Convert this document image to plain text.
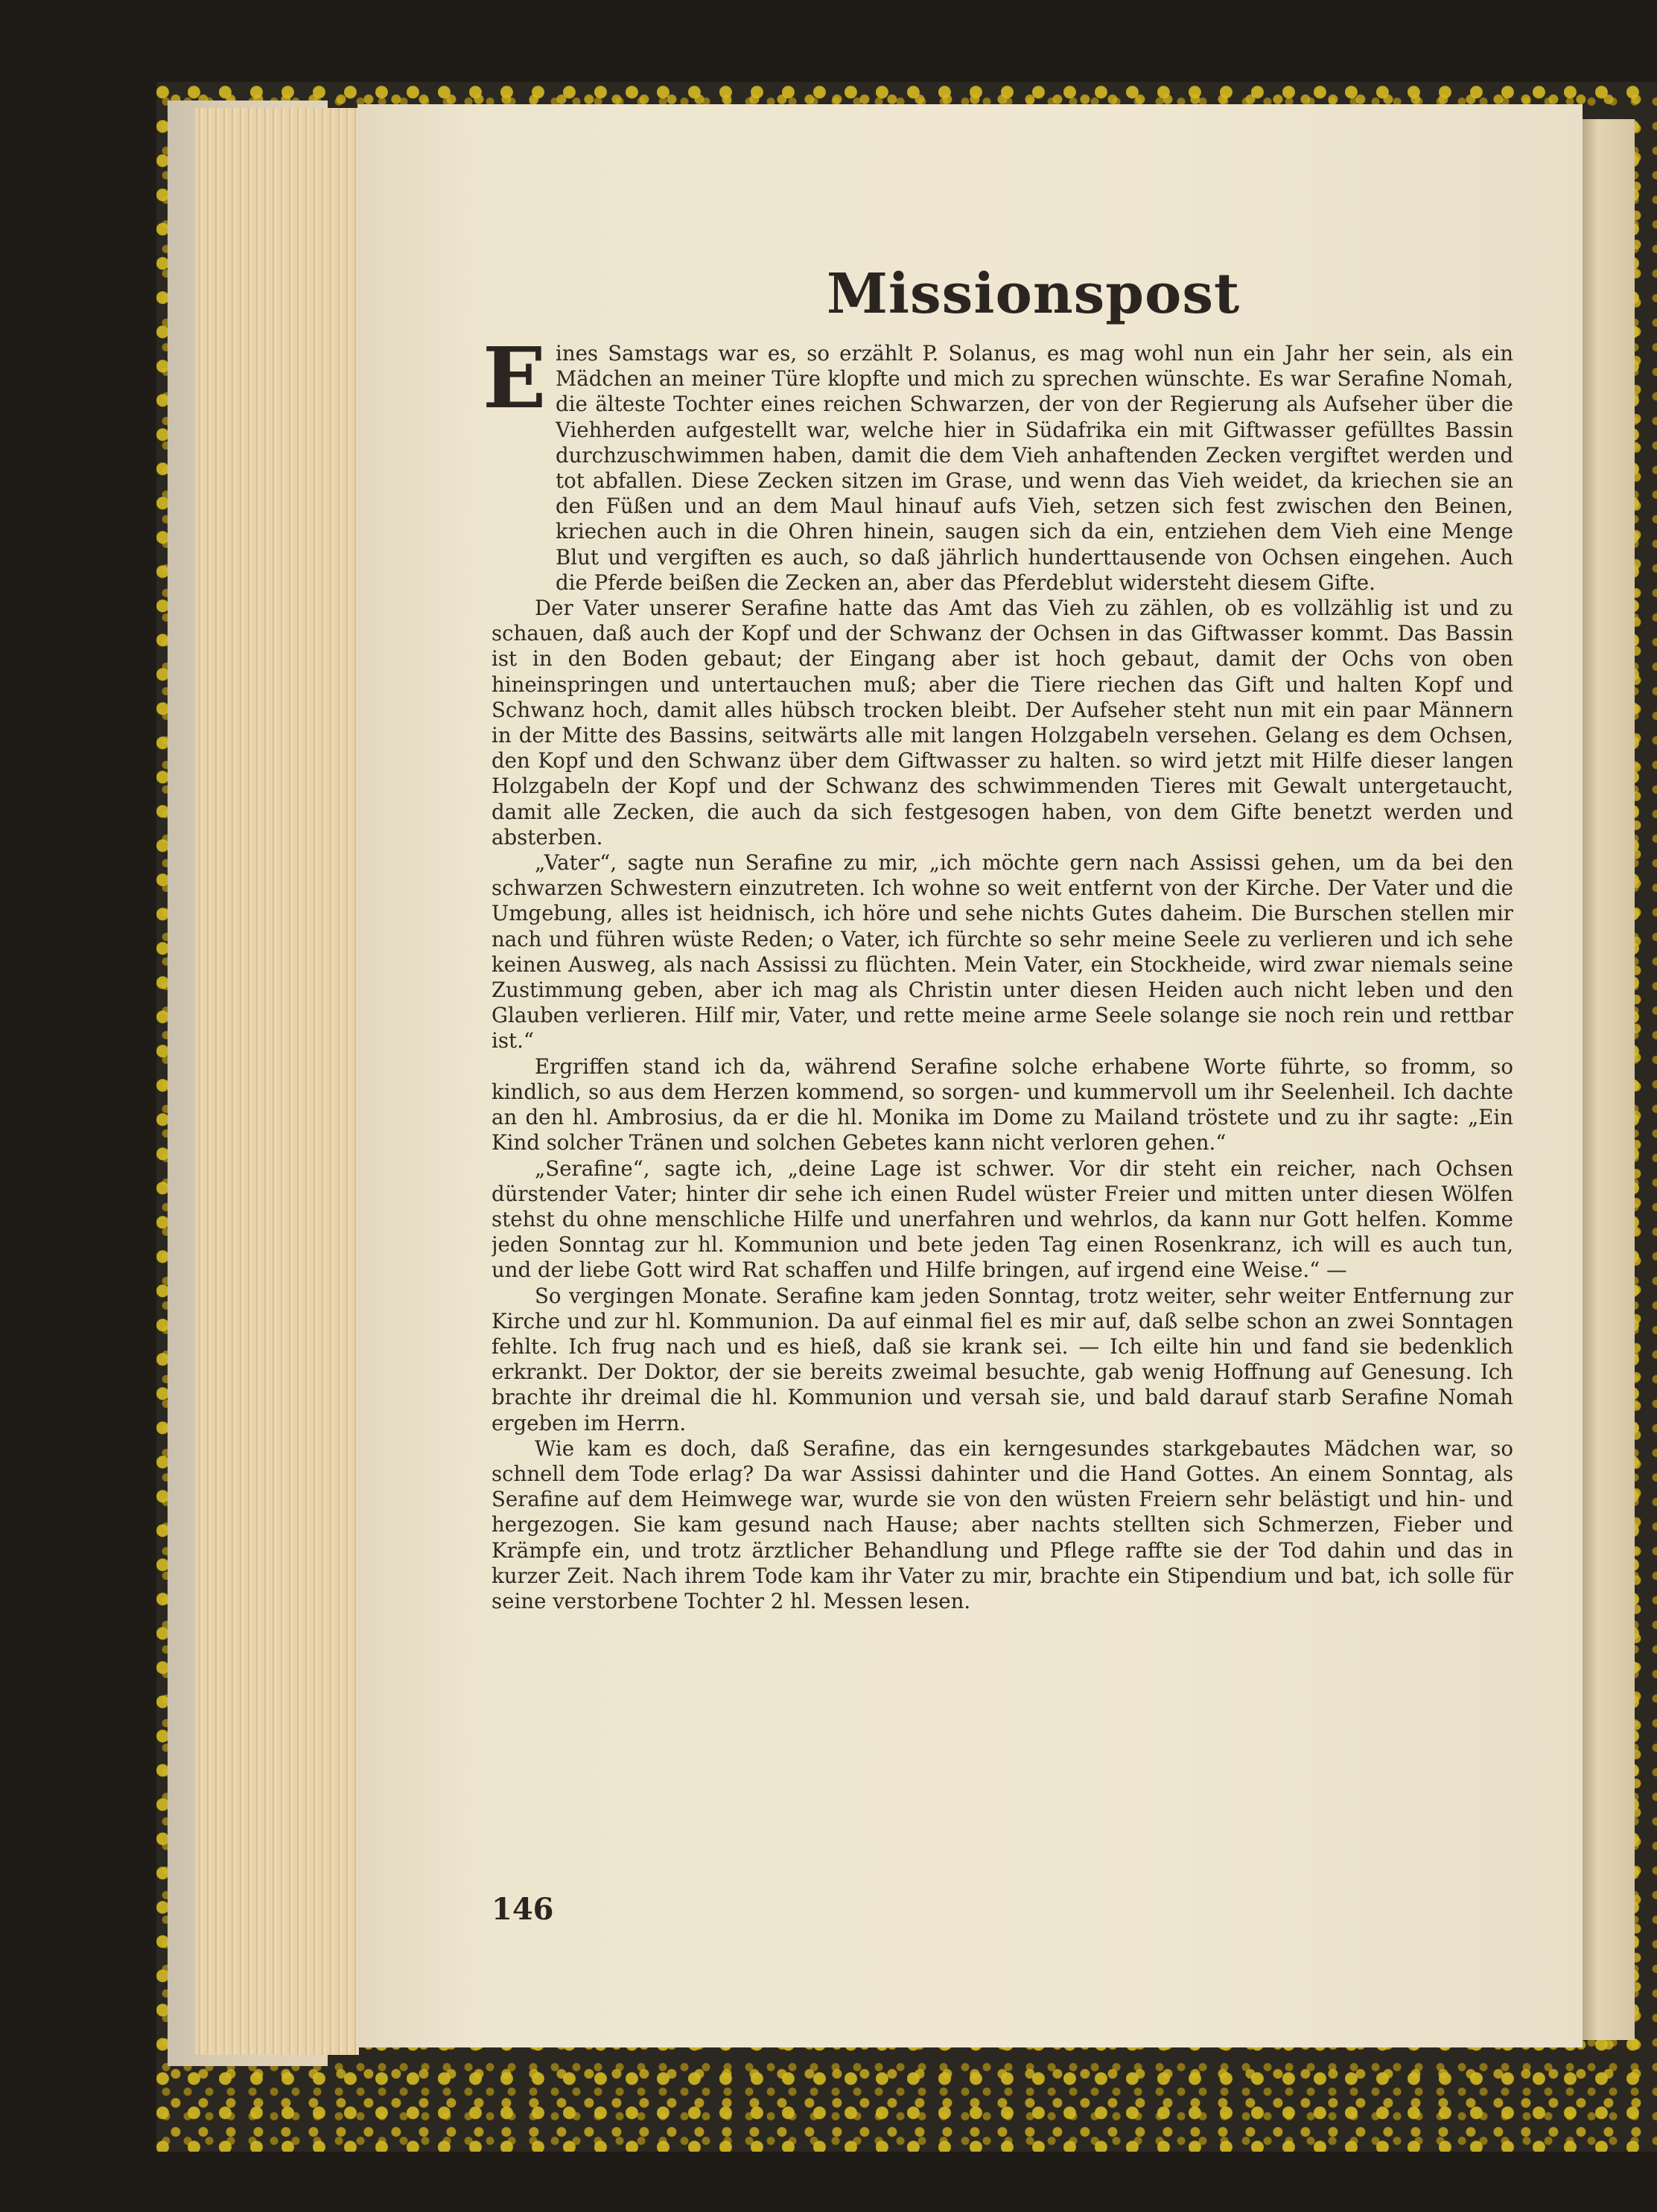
Missionspost
E ines Samstags war es, so erzählt P. Solanus, es mag wohl nun ein Jahr her sein, als ein Mädchen an meiner Türe klopfte und mich zu sprechen wünschte. Es war Serafine Nomah, die älteste Tochter eines reichen Schwarzen, der von der Regierung als Aufseher über die Viehherden aufgestellt war, welche hier in Südafrika ein mit Giftwasser gefülltes Bassin durchzuschwimmen haben, damit die dem Vieh anhaftenden Zecken vergiftet werden und tot abfallen. Diese Zecken sitzen im Grase, und wenn das Vieh weidet, da kriechen sie an den Füßen und an dem Maul hinauf aufs Vieh, setzen sich fest zwischen den Beinen, kriechen auch in die Ohren hinein, saugen sich da ein, entziehen dem Vieh eine Menge Blut und vergiften es auch, so daß jährlich hunderttausende von Ochsen eingehen. Auch die Pferde beißen die Zecken an, aber das Pferdeblut widersteht diesem Gifte.

Der Vater unserer Serafine hatte das Amt das Vieh zu zählen, ob es vollzählig ist und zu schauen, daß auch der Kopf und der Schwanz der Ochsen in das Giftwasser kommt. Das Bassin ist in den Boden gebaut; der Eingang aber ist hoch gebaut, damit der Ochs von oben hineinspringen und untertauchen muß; aber die Tiere riechen das Gift und halten Kopf und Schwanz hoch, damit alles hübsch trocken bleibt. Der Aufseher steht nun mit ein paar Männern in der Mitte des Bassins, seitwärts alle mit langen Holzgabeln versehen. Gelang es dem Ochsen, den Kopf und den Schwanz über dem Giftwasser zu halten. so wird jetzt mit Hilfe dieser langen Holzgabeln der Kopf und der Schwanz des schwimmenden Tieres mit Gewalt untergetaucht, damit alle Zecken, die auch da sich festgesogen haben, von dem Gifte benetzt werden und absterben.

„Vater“, sagte nun Serafine zu mir, „ich möchte gern nach Assissi gehen, um da bei den schwarzen Schwestern einzutreten. Ich wohne so weit entfernt von der Kirche. Der Vater und die Umgebung, alles ist heidnisch, ich höre und sehe nichts Gutes daheim. Die Burschen stellen mir nach und führen wüste Reden; o Vater, ich fürchte so sehr meine Seele zu verlieren und ich sehe keinen Ausweg, als nach Assissi zu flüchten. Mein Vater, ein Stockheide, wird zwar niemals seine Zustimmung geben, aber ich mag als Christin unter diesen Heiden auch nicht leben und den Glauben verlieren. Hilf mir, Vater, und rette meine arme Seele solange sie noch rein und rettbar ist.“

Ergriffen stand ich da, während Serafine solche erhabene Worte führte, so fromm, so kindlich, so aus dem Herzen kommend, so sorgen- und kummervoll um ihr Seelenheil. Ich dachte an den hl. Ambrosius, da er die hl. Monika im Dome zu Mailand tröstete und zu ihr sagte: „Ein Kind solcher Tränen und solchen Gebetes kann nicht verloren gehen.“

„Serafine“, sagte ich, „deine Lage ist schwer. Vor dir steht ein reicher, nach Ochsen dürstender Vater; hinter dir sehe ich einen Rudel wüster Freier und mitten unter diesen Wölfen stehst du ohne menschliche Hilfe und unerfahren und wehrlos, da kann nur Gott helfen. Komme jeden Sonntag zur hl. Kommunion und bete jeden Tag einen Rosenkranz, ich will es auch tun, und der liebe Gott wird Rat schaffen und Hilfe bringen, auf irgend eine Weise.“ —

So vergingen Monate. Serafine kam jeden Sonntag, trotz weiter, sehr weiter Entfernung zur Kirche und zur hl. Kommunion. Da auf einmal fiel es mir auf, daß selbe schon an zwei Sonntagen fehlte. Ich frug nach und es hieß, daß sie krank sei. — Ich eilte hin und fand sie bedenklich erkrankt. Der Doktor, der sie bereits zweimal besuchte, gab wenig Hoffnung auf Genesung. Ich brachte ihr dreimal die hl. Kommunion und versah sie, und bald darauf starb Serafine Nomah ergeben im Herrn.

Wie kam es doch, daß Serafine, das ein kerngesundes starkgebautes Mädchen war, so schnell dem Tode erlag? Da war Assissi dahinter und die Hand Gottes. An einem Sonntag, als Serafine auf dem Heimwege war, wurde sie von den wüsten Freiern sehr belästigt und hin- und hergezogen. Sie kam gesund nach Hause; aber nachts stellten sich Schmerzen, Fieber und Krämpfe ein, und trotz ärztlicher Behandlung und Pflege raffte sie der Tod dahin und das in kurzer Zeit. Nach ihrem Tode kam ihr Vater zu mir, brachte ein Stipendium und bat, ich solle für seine verstorbene Tochter 2 hl. Messen lesen.

146
